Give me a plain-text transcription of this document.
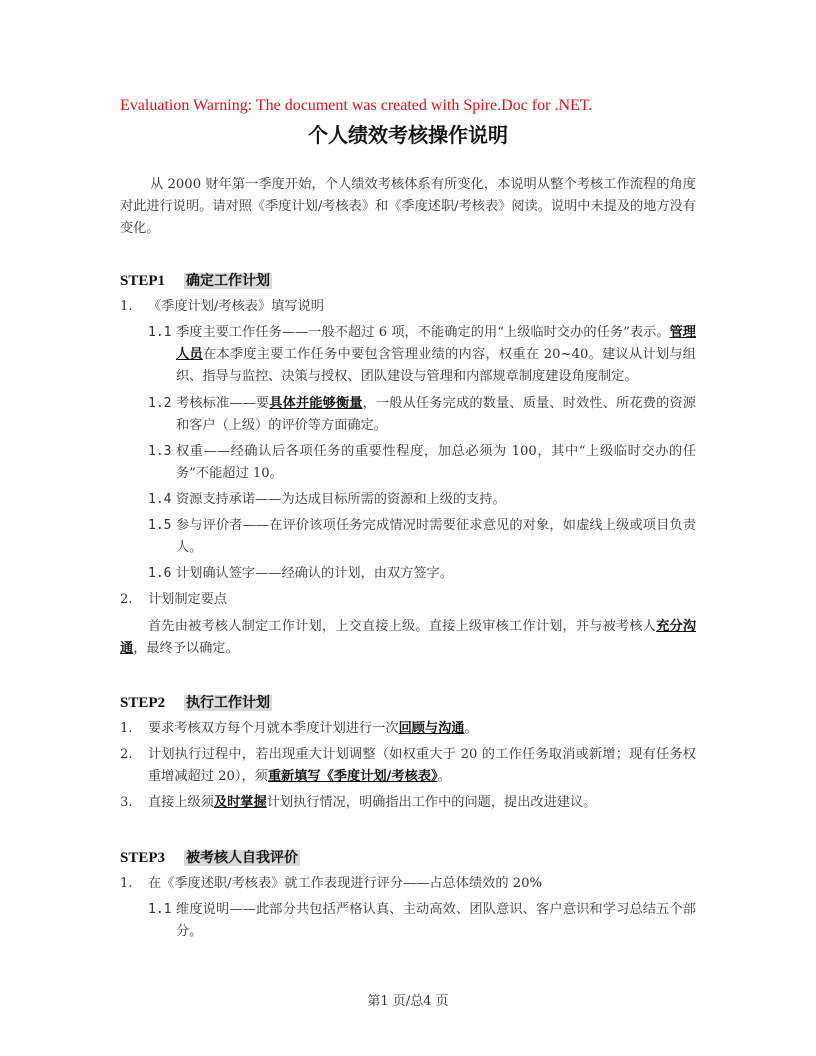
Evaluation Warning: The document was created with Spire.Doc for .NET.
个人绩效考核操作说明
从 2000 财年第一季度开始，个人绩效考核体系有所变化，本说明从整个考核工作流程的角度对此进行说明。请对照《季度计划/考核表》和《季度述职/考核表》阅读。说明中未提及的地方没有变化。
STEP1 确定工作计划
1. 《季度计划/考核表》填写说明
1.1 季度主要工作任务——一般不超过 6 项，不能确定的用“上级临时交办的任务”表示。管理人员在本季度主要工作任务中要包含管理业绩的内容，权重在 20~40。建议从计划与组织、指导与监控、决策与授权、团队建设与管理和内部规章制度建设角度制定。
1.2 考核标准——要具体并能够衡量，一般从任务完成的数量、质量、时效性、所花费的资源和客户（上级）的评价等方面确定。
1.3 权重——经确认后各项任务的重要性程度，加总必须为 100，其中“上级临时交办的任务”不能超过 10。
1.4 资源支持承诺——为达成目标所需的资源和上级的支持。
1.5 参与评价者——在评价该项任务完成情况时需要征求意见的对象，如虚线上级或项目负责人。
1.6 计划确认签字——经确认的计划，由双方签字。
2. 计划制定要点
首先由被考核人制定工作计划，上交直接上级。直接上级审核工作计划，并与被考核人充分沟通，最终予以确定。
STEP2 执行工作计划
1. 要求考核双方每个月就本季度计划进行一次回顾与沟通。
2. 计划执行过程中，若出现重大计划调整（如权重大于 20 的工作任务取消或新增；现有任务权重增减超过 20），须重新填写《季度计划/考核表》。
3. 直接上级须及时掌握计划执行情况，明确指出工作中的问题，提出改进建议。
STEP3 被考核人自我评价
1. 在《季度述职/考核表》就工作表现进行评分——占总体绩效的 20%
1.1 维度说明——此部分共包括严格认真、主动高效、团队意识、客户意识和学习总结五个部分。
第1 页/总4 页
